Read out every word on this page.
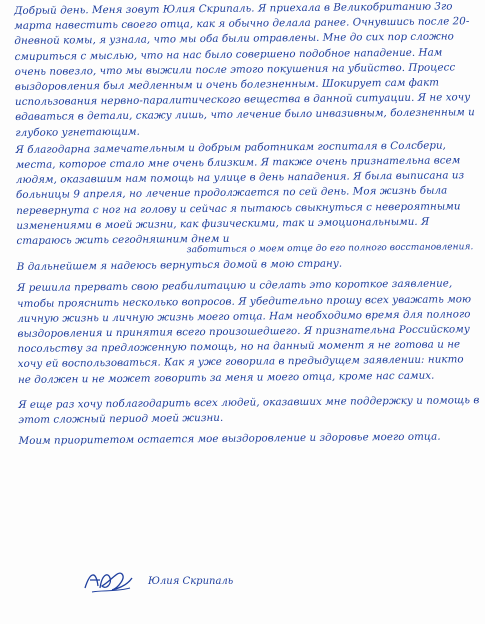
Добрый день. Меня зовут Юлия Скрипаль. Я приехала в Великобританию 3го марта навестить своего отца, как я обычно делала ранее. Очнувшись после 20-дневной комы, я узнала, что мы оба были отравлены. Мне до сих пор сложно смириться с мыслью, что на нас было совершено подобное нападение. Нам очень повезло, что мы выжили после этого покушения на убийство. Процесс выздоровления был медленным и очень болезненным. Шокирует сам факт использования нервно-паралитического вещества в данной ситуации. Я не хочу вдаваться в детали, скажу лишь, что лечение было инвазивным, болезненным и глубоко угнетающим.

Я благодарна замечательным и добрым работникам госпиталя в Солсбери, места, которое стало мне очень близким. Я также очень признательна всем людям, оказавшим нам помощь на улице в день нападения. Я была выписана из больницы 9 апреля, но лечение продолжается по сей день. Моя жизнь была перевернута с ног на голову и сейчас я пытаюсь свыкнуться с невероятными изменениями в моей жизни, как физическими, так и эмоциональными. Я стараюсь жить сегодняшним днем и

заботиться о моем отце до его полного восстановления.

В дальнейшем я надеюсь вернуться домой в мою страну.

Я решила прервать свою реабилитацию и сделать это короткое заявление, чтобы прояснить несколько вопросов. Я убедительно прошу всех уважать мою личную жизнь и личную жизнь моего отца. Нам необходимо время для полного выздоровления и принятия всего произошедшего. Я признательна Российскому посольству за предложенную помощь, но на данный момент я не готова и не хочу ей воспользоваться. Как я уже говорила в предыдущем заявлении: никто не должен и не может говорить за меня и моего отца, кроме нас самих.

Я еще раз хочу поблагодарить всех людей, оказавших мне поддержку и помощь в этот сложный период моей жизни.

Моим приоритетом остается мое выздоровление и здоровье моего отца.

Юлия Скрипаль
